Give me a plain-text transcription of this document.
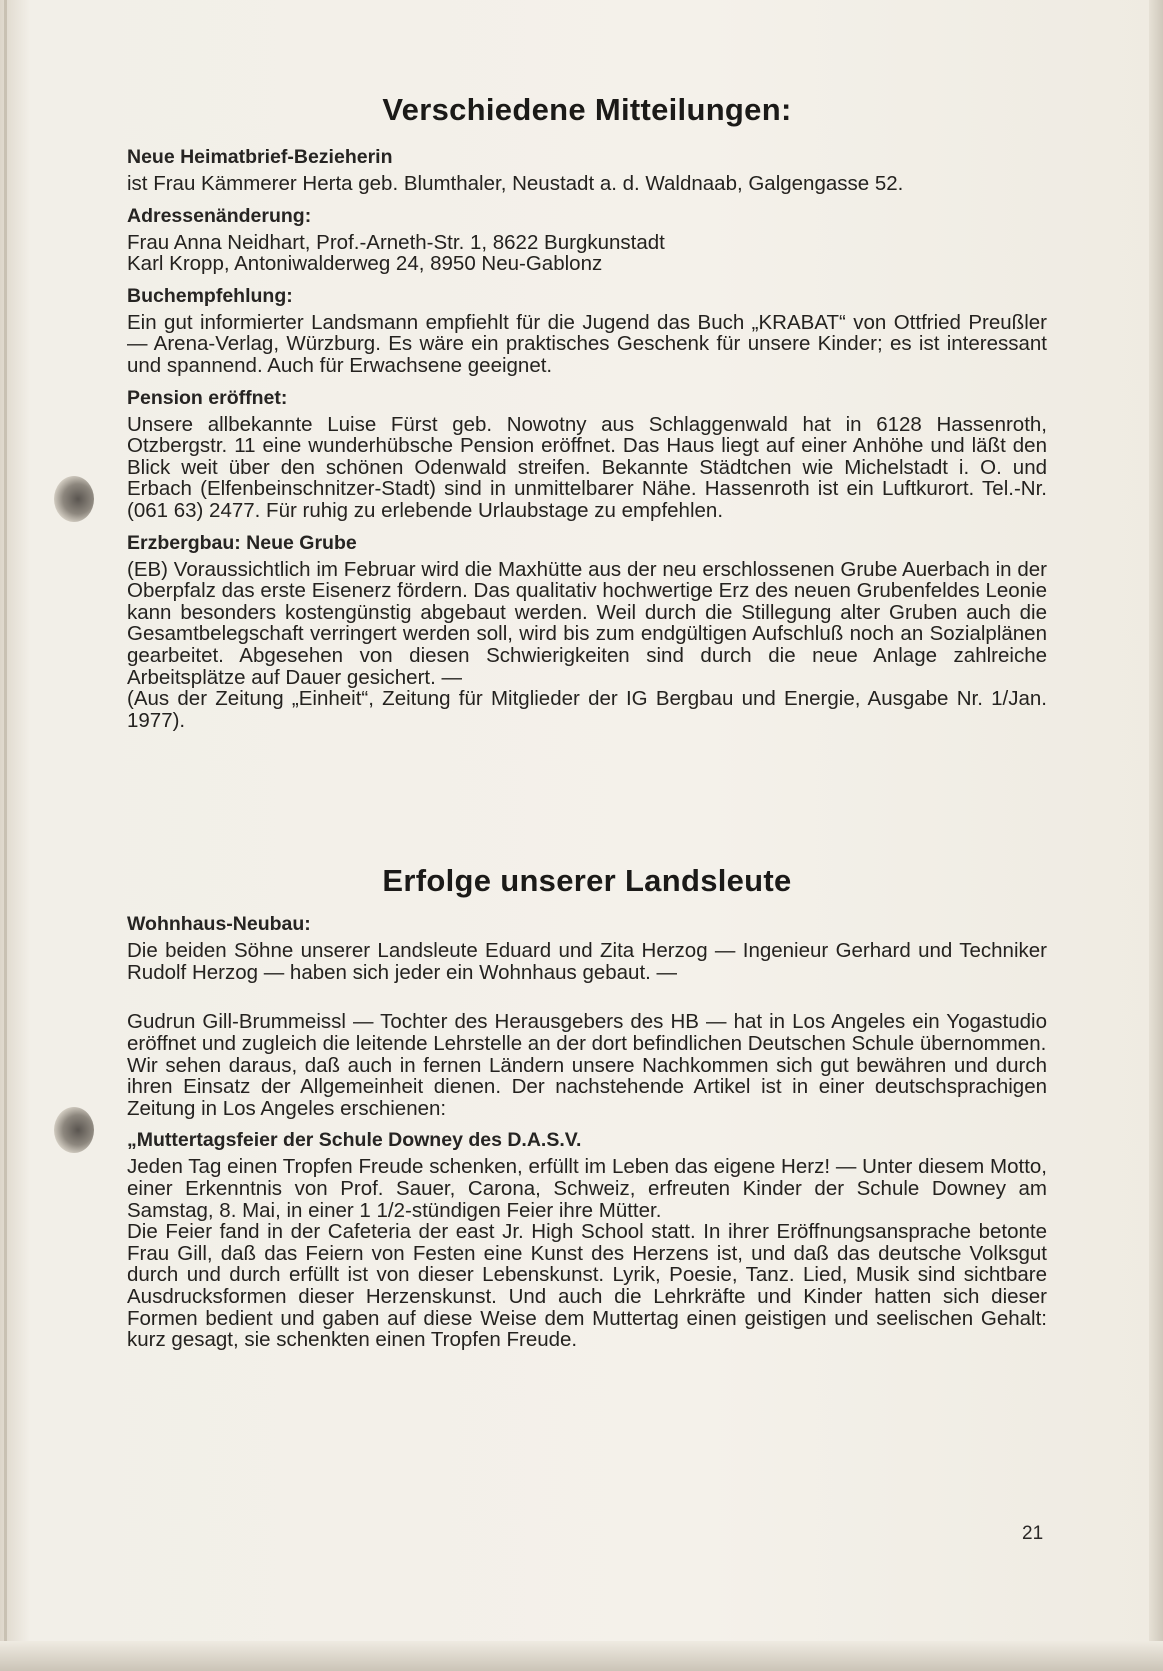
Verschiedene Mitteilungen:
Neue Heimatbrief-Bezieherin

ist Frau Kämmerer Herta geb. Blumthaler, Neustadt a. d. Waldnaab, Galgengasse 52.

Adressenänderung:

Frau Anna Neidhart, Prof.-Arneth-Str. 1, 8622 Burgkunstadt

Karl Kropp, Antoniwalderweg 24, 8950 Neu-Gablonz

Buchempfehlung:

Ein gut informierter Landsmann empfiehlt für die Jugend das Buch „KRABAT“ von Ottfried Preußler — Arena-Verlag, Würzburg. Es wäre ein praktisches Geschenk für unsere Kinder; es ist interessant und spannend. Auch für Erwachsene geeignet.

Pension eröffnet:

Unsere allbekannte Luise Fürst geb. Nowotny aus Schlaggenwald hat in 6128 Hassenroth, Otzbergstr. 11 eine wunderhübsche Pension eröffnet. Das Haus liegt auf einer Anhöhe und läßt den Blick weit über den schönen Odenwald streifen. Bekannte Städtchen wie Michelstadt i. O. und Erbach (Elfenbeinschnitzer-Stadt) sind in unmittelbarer Nähe. Hassenroth ist ein Luftkurort. Tel.-Nr. (061 63) 2477. Für ruhig zu erlebende Urlaubstage zu empfehlen.

Erzbergbau: Neue Grube

(EB) Voraussichtlich im Februar wird die Maxhütte aus der neu erschlossenen Grube Auerbach in der Oberpfalz das erste Eisenerz fördern. Das qualitativ hochwertige Erz des neuen Grubenfeldes Leonie kann besonders kostengünstig abgebaut werden. Weil durch die Stillegung alter Gruben auch die Gesamtbelegschaft verringert werden soll, wird bis zum endgültigen Aufschluß noch an Sozialplänen gearbeitet. Abgesehen von diesen Schwierigkeiten sind durch die neue Anlage zahlreiche Arbeitsplätze auf Dauer gesichert. —

(Aus der Zeitung „Einheit“, Zeitung für Mitglieder der IG Bergbau und Energie, Ausgabe Nr. 1/Jan. 1977).

Erfolge unserer Landsleute
Wohnhaus-Neubau:

Die beiden Söhne unserer Landsleute Eduard und Zita Herzog — Ingenieur Gerhard und Techniker Rudolf Herzog — haben sich jeder ein Wohnhaus gebaut. —

Gudrun Gill-Brummeissl — Tochter des Herausgebers des HB — hat in Los Angeles ein Yogastudio eröffnet und zugleich die leitende Lehrstelle an der dort befindlichen Deutschen Schule übernommen.

Wir sehen daraus, daß auch in fernen Ländern unsere Nachkommen sich gut bewähren und durch ihren Einsatz der Allgemeinheit dienen. Der nachstehende Artikel ist in einer deutschsprachigen Zeitung in Los Angeles erschienen:

„Muttertagsfeier der Schule Downey des D.A.S.V.

Jeden Tag einen Tropfen Freude schenken, erfüllt im Leben das eigene Herz! — Unter diesem Motto, einer Erkenntnis von Prof. Sauer, Carona, Schweiz, erfreuten Kinder der Schule Downey am Samstag, 8. Mai, in einer 1 1/2-stündigen Feier ihre Mütter.

Die Feier fand in der Cafeteria der east Jr. High School statt. In ihrer Eröffnungsansprache betonte Frau Gill, daß das Feiern von Festen eine Kunst des Herzens ist, und daß das deutsche Volksgut durch und durch erfüllt ist von dieser Lebenskunst. Lyrik, Poesie, Tanz. Lied, Musik sind sichtbare Ausdrucksformen dieser Herzenskunst. Und auch die Lehrkräfte und Kinder hatten sich dieser Formen bedient und gaben auf diese Weise dem Muttertag einen geistigen und seelischen Gehalt: kurz gesagt, sie schenkten einen Tropfen Freude.

21
